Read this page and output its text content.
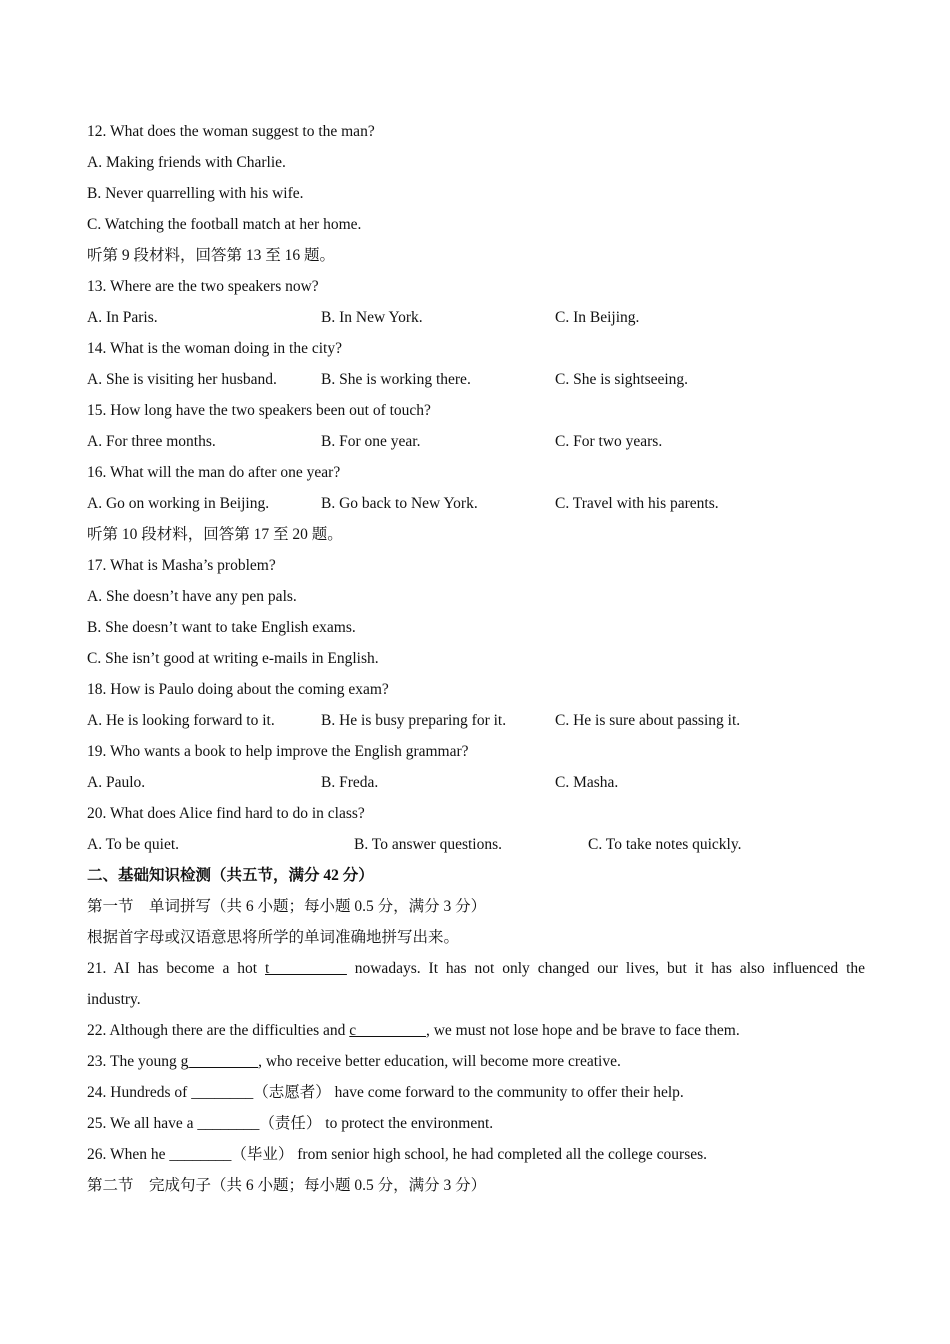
12. What does the woman suggest to the man?
A. Making friends with Charlie.
B. Never quarrelling with his wife.
C. Watching the football match at her home.
听第 9 段材料，回答第 13 至 16 题。
13. Where are the two speakers now?
A. In Paris.	B. In New York.	C. In Beijing.
14. What is the woman doing in the city?
A. She is visiting her husband.	B. She is working there.	C. She is sightseeing.
15. How long have the two speakers been out of touch?
A. For three months.	B. For one year.	C. For two years.
16. What will the man do after one year?
A. Go on working in Beijing.	B. Go back to New York.	C. Travel with his parents.
听第 10 段材料，回答第 17 至 20 题。
17. What is Masha’s problem?
A. She doesn’t have any pen pals.
B. She doesn’t want to take English exams.
C. She isn’t good at writing e-mails in English.
18. How is Paulo doing about the coming exam?
A. He is looking forward to it.	B. He is busy preparing for it.	C. He is sure about passing it.
19. Who wants a book to help improve the English grammar?
A. Paulo.	B. Freda.	C. Masha.
20. What does Alice find hard to do in class?
A. To be quiet.	B. To answer questions.	C. To take notes quickly.
二、基础知识检测（共五节，满分 42 分）
第一节　单词拼写（共 6 小题；每小题 0.5 分，满分 3 分）
根据首字母或汉语意思将所学的单词准确地拼写出来。
21. AI has become a hot t__________ nowadays. It has not only changed our lives, but it has also influenced the
industry.
22. Although there are the difficulties and c_________, we must not lose hope and be brave to face them.
23. The young g_________, who receive better education, will become more creative.
24. Hundreds of ________（志愿者） have come forward to the community to offer their help.
25. We all have a ________（责任） to protect the environment.
26. When he ________（毕业） from senior high school, he had completed all the college courses.
第二节　完成句子（共 6 小题；每小题 0.5 分，满分 3 分）
